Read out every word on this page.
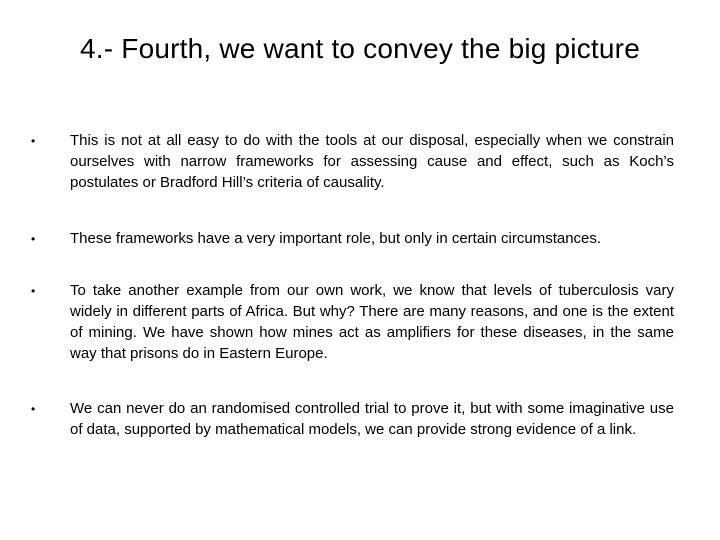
4.- Fourth, we want to convey the big picture
•	This is not at all easy to do with the tools at our disposal, especially when we constrain ourselves with narrow frameworks for assessing cause and effect, such as Koch’s postulates or Bradford Hill’s criteria of causality.
•	These frameworks have a very important role, but only in certain circumstances.
•	To take another example from our own work, we know that levels of tuberculosis vary widely in different parts of Africa. But why? There are many reasons, and one is the extent of mining. We have shown how mines act as amplifiers for these diseases, in the same way that prisons do in Eastern Europe.
•	We can never do an randomised controlled trial to prove it, but with some imaginative use of data, supported by mathematical models, we can provide strong evidence of a link.
